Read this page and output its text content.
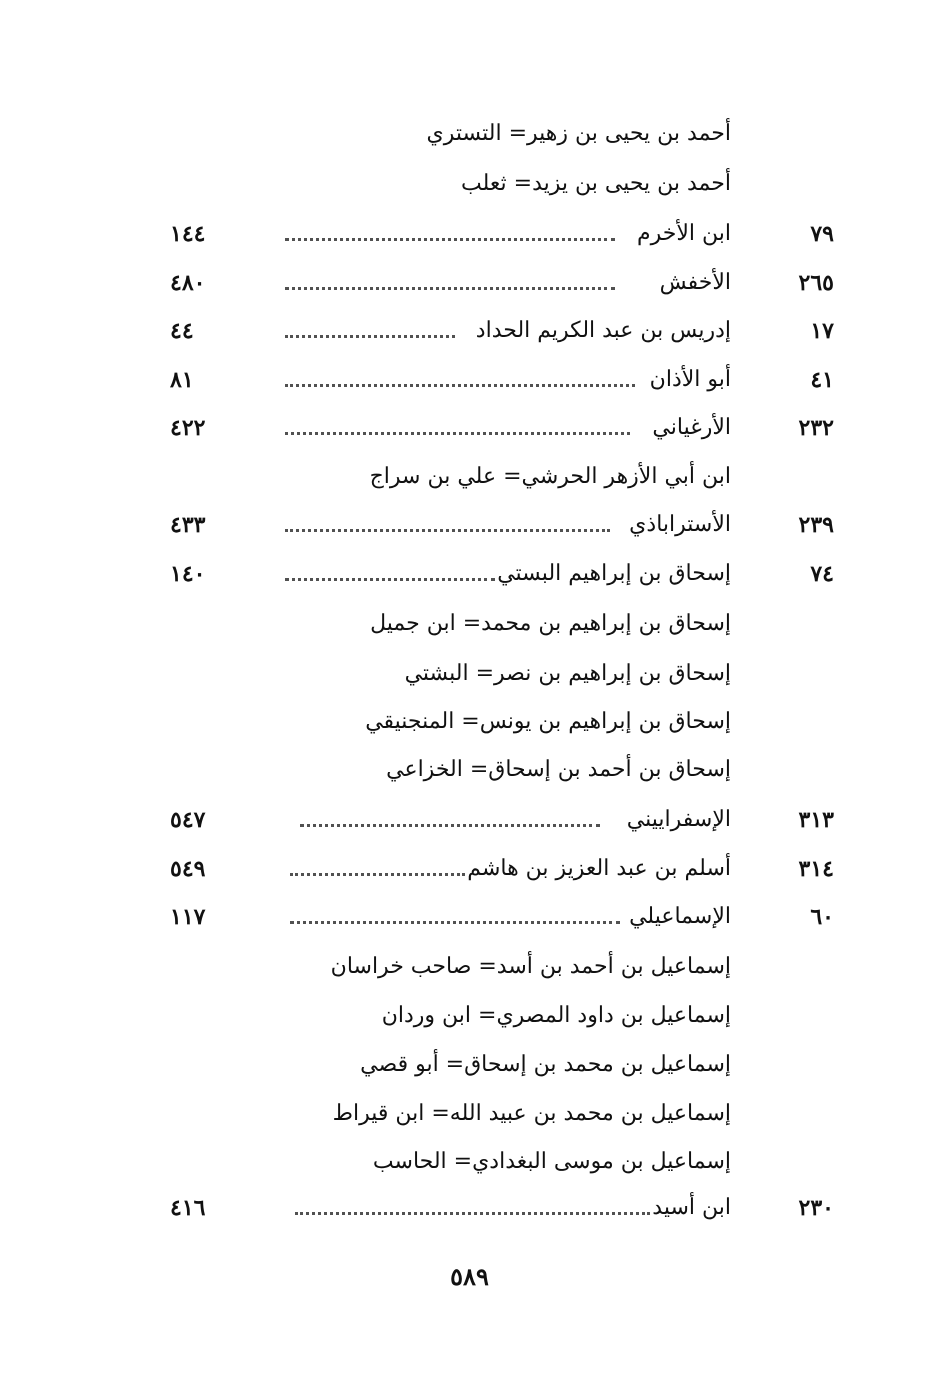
أحمد بن يحيى بن زهير= التستري
أحمد بن يحيى بن يزيد= ثعلب
٧٩
ابن الأخرم
١٤٤
٢٦٥
الأخفش
٤٨٠
١٧
إدريس بن عبد الكريم الحداد
٤٤
٤١
أبو الأذان
٨١
٢٣٢
الأرغياني
٤٢٢
ابن أبي الأزهر الحرشي= علي بن سراج
٢٣٩
الأستراباذي
٤٣٣
٧٤
إسحاق بن إبراهيم البستي
١٤٠
إسحاق بن إبراهيم بن محمد= ابن جميل
إسحاق بن إبراهيم بن نصر= البشتي
إسحاق بن إبراهيم بن يونس= المنجنيقي
إسحاق بن أحمد بن إسحاق= الخزاعي
٣١٣
الإسفراييني
٥٤٧
٣١٤
أسلم بن عبد العزيز بن هاشم
٥٤٩
٦٠
الإسماعيلي
١١٧
إسماعيل بن أحمد بن أسد= صاحب خراسان
إسماعيل بن داود المصري= ابن وردان
إسماعيل بن محمد بن إسحاق= أبو قصي
إسماعيل بن محمد بن عبيد الله= ابن قيراط
إسماعيل بن موسى البغدادي= الحاسب
٢٣٠
ابن أسيد
٤١٦
٥٨٩
